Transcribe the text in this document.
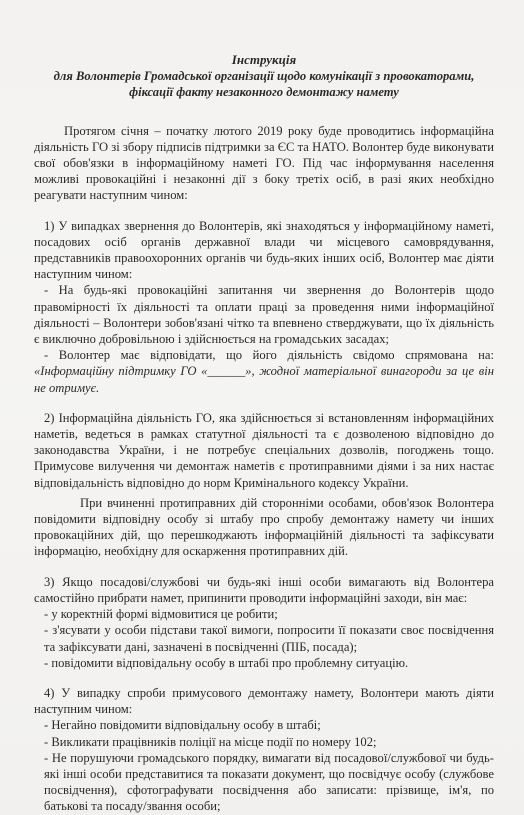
Інструкція
для Волонтерів Громадської організації щодо комунікації з провокаторами,
фіксації факту незаконного демонтажу намету

Протягом січня – початку лютого 2019 року буде проводитись інформаційна діяльність ГО зі збору підписів підтримки за ЄС та НАТО. Волонтер буде виконувати свої обов'язки в інформаційному наметі ГО. Під час інформування населення можливі провокаційні і незаконні дії з боку третіх осіб, в разі яких необхідно реагувати наступним чином:

1) У випадках звернення до Волонтерів, які знаходяться у інформаційному наметі, посадових осіб органів державної влади чи місцевого самоврядування, представників правоохоронних органів чи будь-яких інших осіб, Волонтер має діяти наступним чином:

- На будь-які провокаційні запитання чи звернення до Волонтерів щодо правомірності їх діяльності та оплати праці за проведення ними інформаційної діяльності – Волонтери зобов'язані чітко та впевнено стверджувати, що їх діяльність є виключно добровільною і здійснюється на громадських засадах;

- Волонтер має відповідати, що його діяльність свідомо спрямована на: «Інформаційну підтримку ГО «______», жодної матеріальної винагороди за це він не отримує.

2) Інформаційна діяльність ГО, яка здійснюється зі встановленням інформаційних наметів, ведеться в рамках статутної діяльності та є дозволеною відповідно до законодавства України, і не потребує спеціальних дозволів, погоджень тощо. Примусове вилучення чи демонтаж наметів є протиправними діями і за них настає відповідальність відповідно до норм Кримінального кодексу України.

При вчиненні протиправних дій сторонніми особами, обов'язок Волонтера повідомити відповідну особу зі штабу про спробу демонтажу намету чи інших провокаційних дій, що перешкоджають інформаційній діяльності та зафіксувати інформацію, необхідну для оскарження протиправних дій.

3) Якщо посадові/службові чи будь-які інші особи вимагають від Волонтера самостійно прибрати намет, припинити проводити інформаційні заходи, він має:

- у коректній формі відмовитися це робити;

- з'ясувати у особи підстави такої вимоги, попросити її показати своє посвідчення та зафіксувати дані, зазначені в посвідченні (ПІБ, посада);

- повідомити відповідальну особу в штабі про проблемну ситуацію.

4) У випадку спроби примусового демонтажу намету, Волонтери мають діяти наступним чином:

- Негайно повідомити відповідальну особу в штабі;

- Викликати працівників поліції на місце події по номеру 102;

- Не порушуючи громадського порядку, вимагати від посадової/службової чи будь-які інші особи представитися та показати документ, що посвідчує особу (службове посвідчення), сфотографувати посвідчення або записати: прізвище, ім'я, по батькові та посаду/звання особи;
